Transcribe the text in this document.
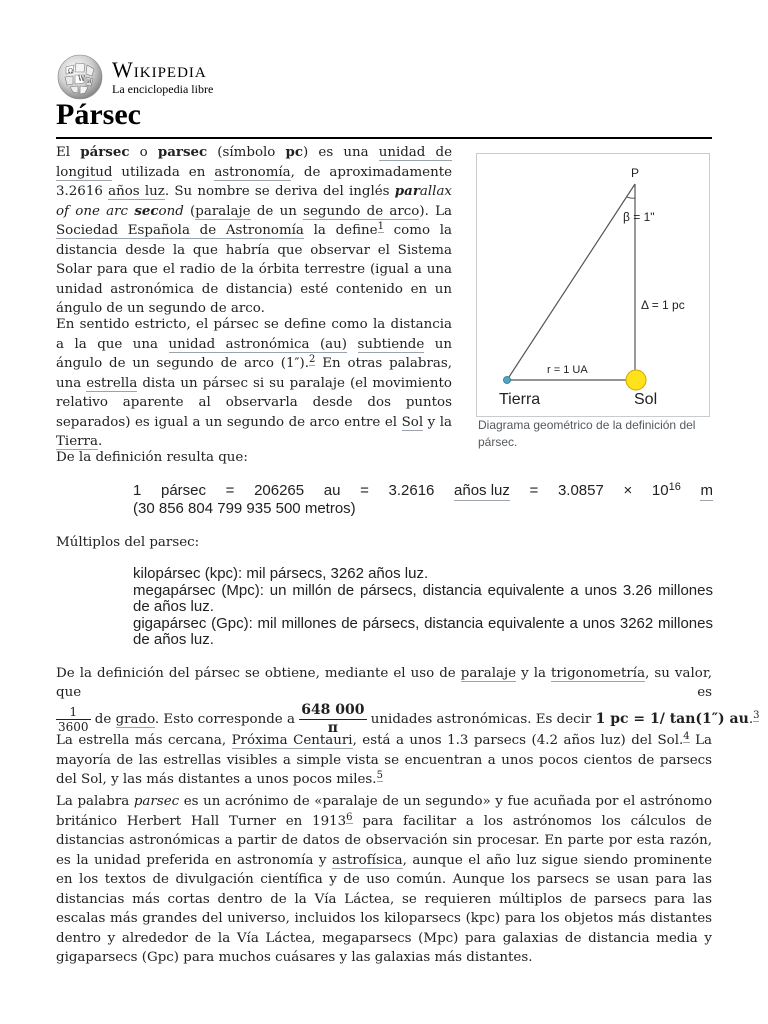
Ω
W И
Wikipedia
La enciclopedia libre
Pársec

El pársec o parsec (símbolo pc) es una unidad de longitud utilizada en astronomía, de aproximadamente 3.2616 años luz. Su nombre se deriva del inglés parallax of one arc second (paralaje de un segundo de arco). La Sociedad Española de Astronomía la define$^1$ como la distancia desde la que habría que observar el Sistema Solar para que el radio de la órbita terrestre (igual a una unidad astronómica de distancia) esté contenido en un ángulo de un segundo de arco.

En sentido estricto, el pársec se define como la distancia a la que una unidad astronómica (au) subtiende un ángulo de un segundo de arco (1″).$^2$ En otras palabras, una estrella dista un pársec si su paralaje (el movimiento relativo aparente al observarla desde dos puntos separados) es igual a un segundo de arco entre el Sol y la Tierra.

P
β = 1"
Δ = 1 pc
r = 1 UA
Tierra	Sol
Diagrama geométrico de la definición del pársec.

De la definición resulta que:

1 pársec = 206265 au = 3.2616 años luz = $3.0857 \times 10^{16}$ m
(30 856 804 799 935 500 metros)

Múltiplos del parsec:

kilopársec (kpc): mil pársecs, 3262 años luz.
megapársec (Mpc): un millón de pársecs, distancia equivalente a unos 3.26 millones de años luz.
gigapársec (Gpc): mil millones de pársecs, distancia equivalente a unos 3262 millones de años luz.
De la definición del pársec se obtiene, mediante el uso de paralaje y la trigonometría, su valor, que es
$\frac{1}{3600}$ de grado. Esto corresponde a $\frac{648 000}{\pi}$ unidades astronómicas. Es decir 1 pc = 1/ tan(1″) au.$^3$
La estrella más cercana, Próxima Centauri, está a unos 1.3 parsecs (4.2 años luz) del Sol.$^4$ La mayoría de las estrellas visibles a simple vista se encuentran a unos pocos cientos de parsecs del Sol, y las más distantes a unos pocos miles.$^5$

La palabra parsec es un acrónimo de «paralaje de un segundo» y fue acuñada por el astrónomo británico Herbert Hall Turner en 1913$^6$ para facilitar a los astrónomos los cálculos de distancias astronómicas a partir de datos de observación sin procesar. En parte por esta razón, es la unidad preferida en astronomía y astrofísica, aunque el año luz sigue siendo prominente en los textos de divulgación científica y de uso común. Aunque los parsecs se usan para las distancias más cortas dentro de la Vía Láctea, se requieren múltiplos de parsecs para las escalas más grandes del universo, incluidos los kiloparsecs (kpc) para los objetos más distantes dentro y alrededor de la Vía Láctea, megaparsecs (Mpc) para galaxias de distancia media y gigaparsecs (Gpc) para muchos cuásares y las galaxias más distantes.
